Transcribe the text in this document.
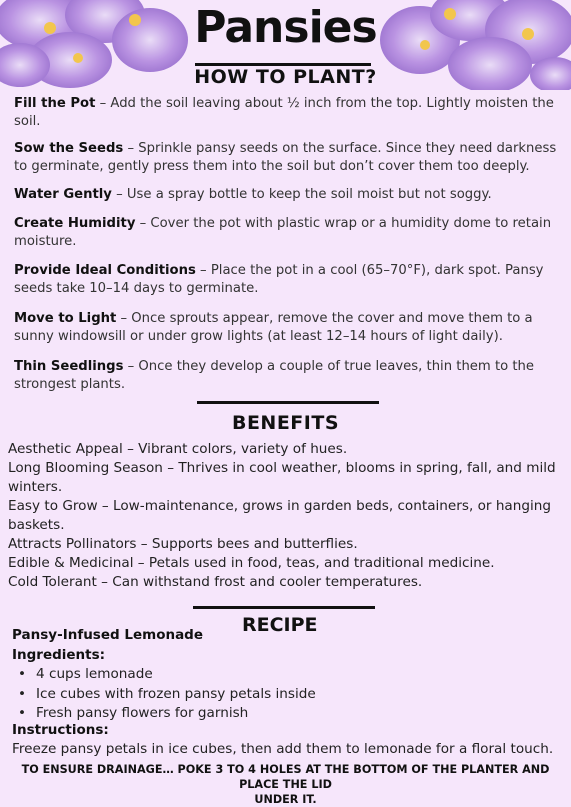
Pansies
HOW TO PLANT?
Fill the Pot – Add the soil leaving about ½ inch from the top. Lightly moisten the soil.
Sow the Seeds – Sprinkle pansy seeds on the surface. Since they need darkness to germinate, gently press them into the soil but don’t cover them too deeply.
Water Gently – Use a spray bottle to keep the soil moist but not soggy.
Create Humidity – Cover the pot with plastic wrap or a humidity dome to retain moisture.
Provide Ideal Conditions – Place the pot in a cool (65–70°F), dark spot. Pansy seeds take 10–14 days to germinate.
Move to Light – Once sprouts appear, remove the cover and move them to a sunny windowsill or under grow lights (at least 12–14 hours of light daily).
Thin Seedlings – Once they develop a couple of true leaves, thin them to the strongest plants.
BENEFITS
Aesthetic Appeal – Vibrant colors, variety of hues.
Long Blooming Season – Thrives in cool weather, blooms in spring, fall, and mild winters.
Easy to Grow – Low-maintenance, grows in garden beds, containers, or hanging baskets.
Attracts Pollinators – Supports bees and butterflies.
Edible & Medicinal – Petals used in food, teas, and traditional medicine.
Cold Tolerant – Can withstand frost and cooler temperatures.
RECIPE
Pansy-Infused Lemonade
Ingredients:
• 4 cups lemonade
• Ice cubes with frozen pansy petals inside
• Fresh pansy flowers for garnish
Instructions:
Freeze pansy petals in ice cubes, then add them to lemonade for a floral touch.
TO ENSURE DRAINAGE… POKE 3 TO 4 HOLES AT THE BOTTOM OF THE PLANTER AND PLACE THE LID
UNDER IT.
